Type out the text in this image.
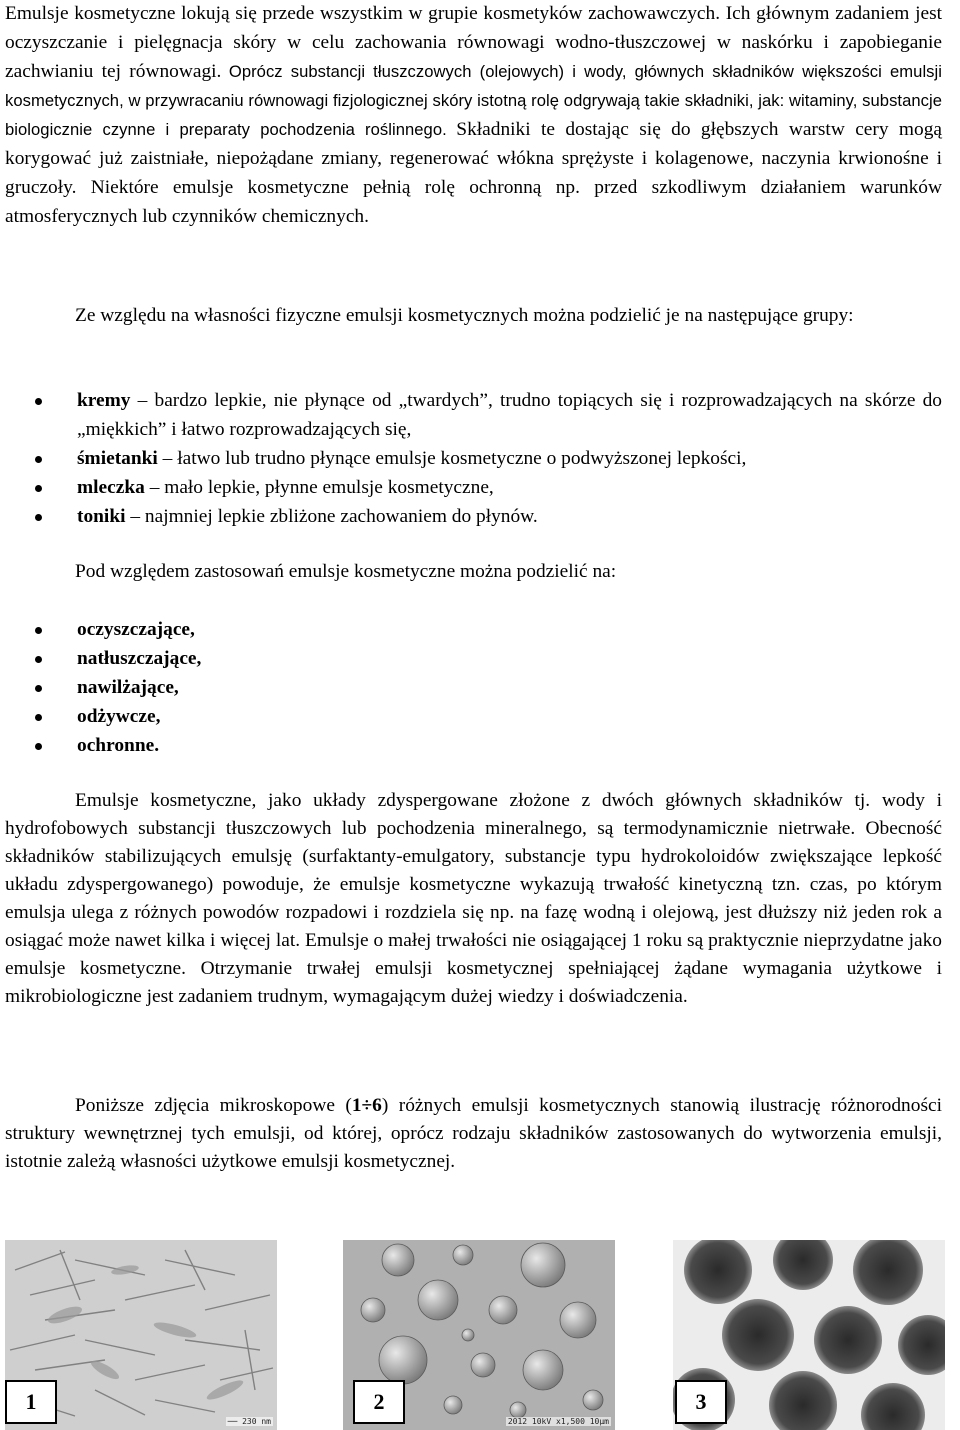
Emulsje kosmetyczne lokują się przede wszystkim w grupie kosmetyków zachowawczych. Ich głównym zadaniem jest oczyszczanie i pielęgnacja skóry w celu zachowania równowagi wodno-tłuszczowej w naskórku i zapobieganie zachwianiu tej równowagi. Oprócz substancji tłuszczowych (olejowych) i wody, głównych składników większości emulsji kosmetycznych, w przywracaniu równowagi fizjologicznej skóry istotną rolę odgrywają takie składniki, jak: witaminy, substancje biologicznie czynne i preparaty pochodzenia roślinnego. Składniki te dostając się do głębszych warstw cery mogą korygować już zaistniałe, niepożądane zmiany, regenerować włókna sprężyste i kolagenowe, naczynia krwionośne i gruczoły. Niektóre emulsje kosmetyczne pełnią rolę ochronną np. przed szkodliwym działaniem warunków atmosferycznych lub czynników chemicznych.

Ze względu na własności fizyczne emulsji kosmetycznych można podzielić je na następujące grupy:

kremy – bardzo lepkie, nie płynące od „twardych”, trudno topiących się i rozprowadzających na skórze do „miękkich” i łatwo rozprowadzających się,
śmietanki – łatwo lub trudno płynące emulsje kosmetyczne o podwyższonej lepkości,
mleczka – mało lepkie, płynne emulsje kosmetyczne,
toniki – najmniej lepkie zbliżone zachowaniem do płynów.

Pod względem zastosowań emulsje kosmetyczne można podzielić na:

oczyszczające,
natłuszczające,
nawilżające,
odżywcze,
ochronne.

Emulsje kosmetyczne, jako układy zdyspergowane złożone z dwóch głównych składników tj. wody i hydrofobowych substancji tłuszczowych lub pochodzenia mineralnego, są termodynamicznie nietrwałe. Obecność składników stabilizujących emulsję (surfaktanty-emulgatory, substancje typu hydrokoloidów zwiększające lepkość układu zdyspergowanego) powoduje, że emulsje kosmetyczne wykazują trwałość kinetyczną tzn. czas, po którym emulsja ulega z różnych powodów rozpadowi i rozdziela się np. na fazę wodną i olejową, jest dłuższy niż jeden rok a osiągać może nawet kilka i więcej lat. Emulsje o małej trwałości nie osiągającej 1 roku są praktycznie nieprzydatne jako emulsje kosmetyczne. Otrzymanie trwałej emulsji kosmetycznej spełniającej żądane wymagania użytkowe i mikrobiologiczne jest zadaniem trudnym, wymagającym dużej wiedzy i doświadczenia.

Poniższe zdjęcia mikroskopowe (1÷6) różnych emulsji kosmetycznych stanowią ilustrację różnorodności struktury wewnętrznej tych emulsji, od której, oprócz rodzaju składników zastosowanych do wytworzenia emulsji, istotnie zależą własności użytkowe emulsji kosmetycznej.

1
── 230 nm
2
2012 10kV x1,500 10µm
3
